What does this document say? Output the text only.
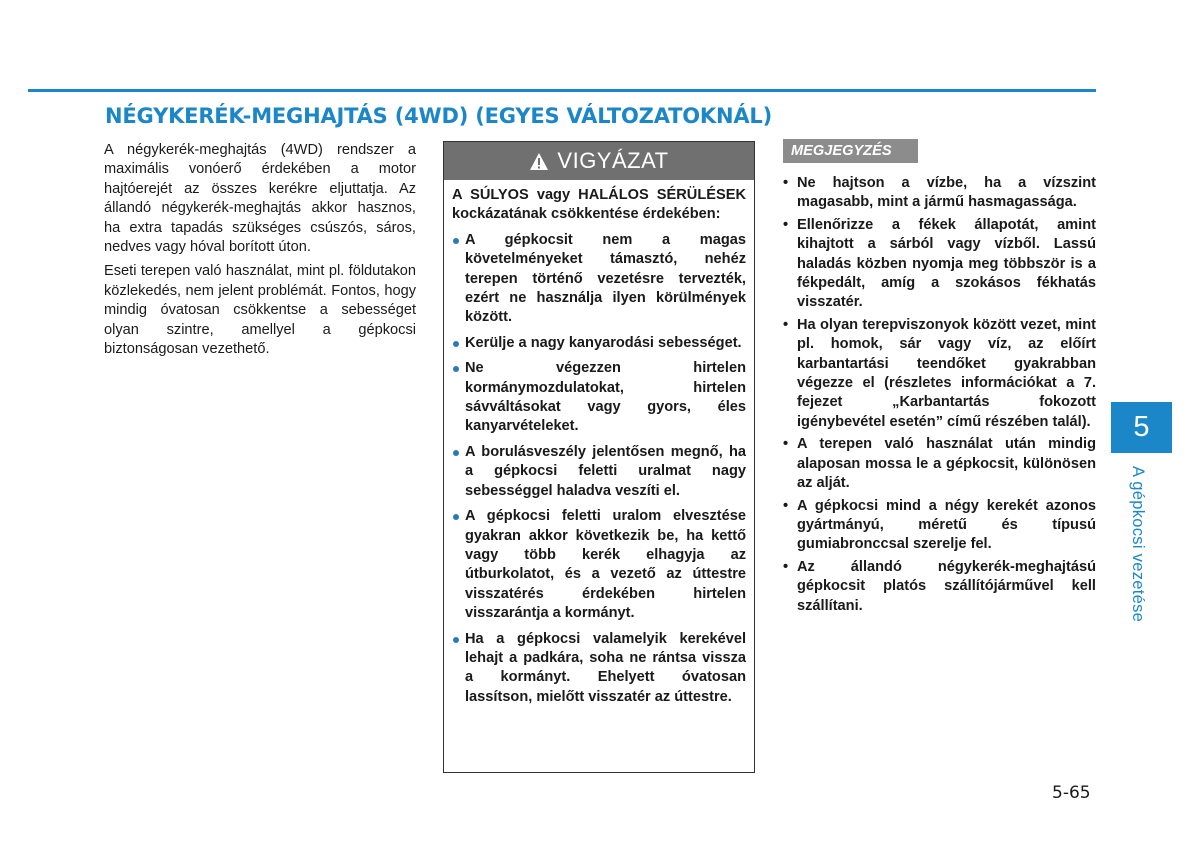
NÉGYKERÉK-MEGHAJTÁS (4WD) (EGYES VÁLTOZATOKNÁL)

A négykerék-meghajtás (4WD) rendszer a maximális vonóerő érdekében a motor hajtóerejét az összes kerékre eljuttatja. Az állandó négykerék-meghajtás akkor hasznos, ha extra tapadás szükséges csúszós, sáros, nedves vagy hóval borított úton.

Eseti terepen való használat, mint pl. földutakon közlekedés, nem jelent problémát. Fontos, hogy mindig óvatosan csökkentse a sebességet olyan szintre, amellyel a gépkocsi biztonságosan vezethető.

VIGYÁZAT

A SÚLYOS vagy HALÁLOS SÉRÜLÉSEK kockázatának csökkentése érdekében:

A gépkocsit nem a magas követelményeket támasztó, nehéz terepen történő vezetésre tervezték, ezért ne használja ilyen körülmények között.
Kerülje a nagy kanyarodási sebességet.
Ne végezzen hirtelen kormánymozdulatokat, hirtelen sávváltásokat vagy gyors, éles kanyarvételeket.
A borulásveszély jelentősen megnő, ha a gépkocsi feletti uralmat nagy sebességgel haladva veszíti el.
A gépkocsi feletti uralom elvesztése gyakran akkor következik be, ha kettő vagy több kerék elhagyja az útburkolatot, és a vezető az úttestre visszatérés érdekében hirtelen visszarántja a kormányt.
Ha a gépkocsi valamelyik kerekével lehajt a padkára, soha ne rántsa vissza a kormányt. Ehelyett óvatosan lassítson, mielőtt visszatér az úttestre.
MEGJEGYZÉS
• Ne hajtson a vízbe, ha a vízszint magasabb, mint a jármű hasmagassága.
• Ellenőrizze a fékek állapotát, amint kihajtott a sárból vagy vízből. Lassú haladás közben nyomja meg többször is a fékpedált, amíg a szokásos fékhatás visszatér.
• Ha olyan terepviszonyok között vezet, mint pl. homok, sár vagy víz, az előírt karbantartási teendőket gyakrabban végezze el (részletes információkat a 7. fejezet „Karbantartás fokozott igénybevétel esetén” című részében talál).
• A terepen való használat után mindig alaposan mossa le a gépkocsit, különösen az alját.
• A gépkocsi mind a négy kerekét azonos gyártmányú, méretű és típusú gumiabronccsal szerelje fel.
• Az állandó négykerék-meghajtású gépkocsit platós szállítójárművel kell szállítani.
5
A gépkocsi vezetése
5-65
